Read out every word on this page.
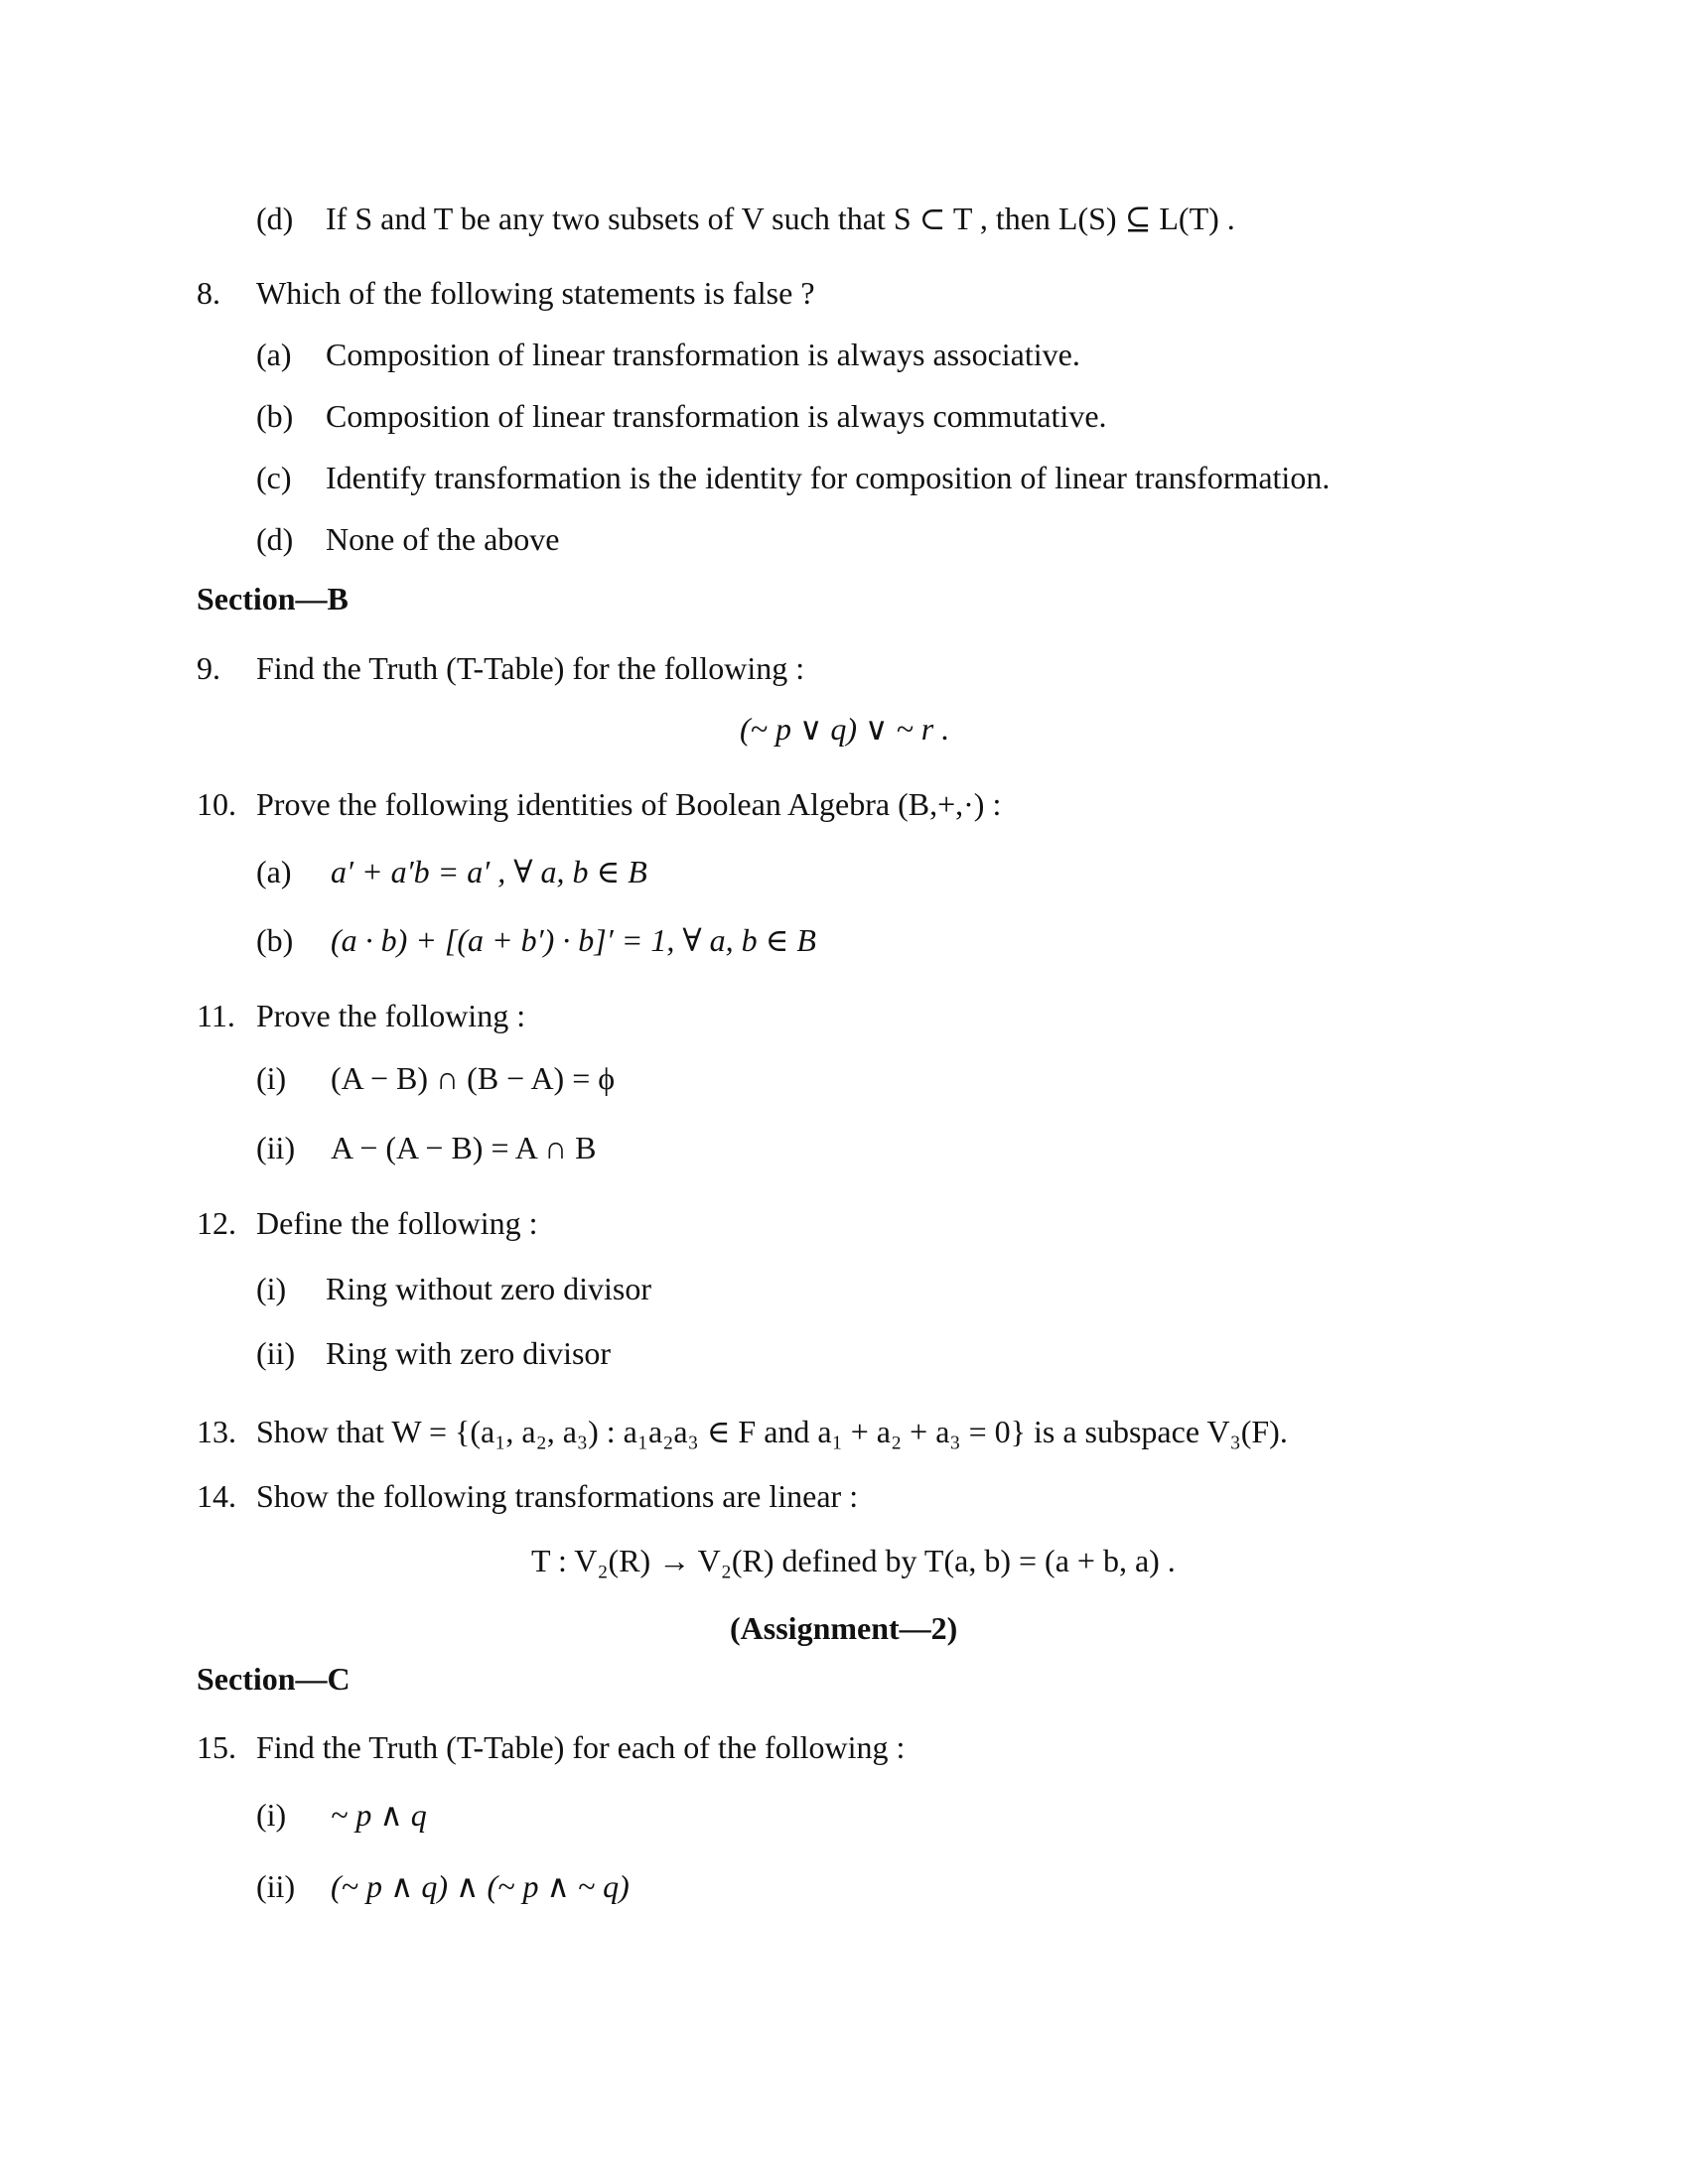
(d) If S and T be any two subsets of V such that S ⊂ T , then L(S) ⊆ L(T) .
8. Which of the following statements is false ?
(a) Composition of linear transformation is always associative.
(b) Composition of linear transformation is always commutative.
(c) Identify transformation is the identity for composition of linear transformation.
(d) None of the above
Section—B
9. Find the Truth (T-Table) for the following :
(~ p ∨ q) ∨ ~ r .
10. Prove the following identities of Boolean Algebra (B,+,·) :
(a) a′ + a′b = a′ , ∀ a, b ∈ B
(b) (a · b) + [(a + b′) · b]′ = 1, ∀ a, b ∈ B
11. Prove the following :
(i) (A − B) ∩ (B − A) = ϕ
(ii) A − (A − B) = A ∩ B
12. Define the following :
(i) Ring without zero divisor
(ii) Ring with zero divisor
13. Show that W = {(a₁, a₂, a₃) : a₁a₂a₃ ∈ F and a₁ + a₂ + a₃ = 0} is a subspace V₃(F).
14. Show the following transformations are linear :
T : V₂(R) → V₂(R) defined by T(a, b) = (a + b, a) .
(Assignment—2)
Section—C
15. Find the Truth (T-Table) for each of the following :
(i) ~ p ∧ q
(ii) (~ p ∧ q) ∧ (~ p ∧ ~ q)
